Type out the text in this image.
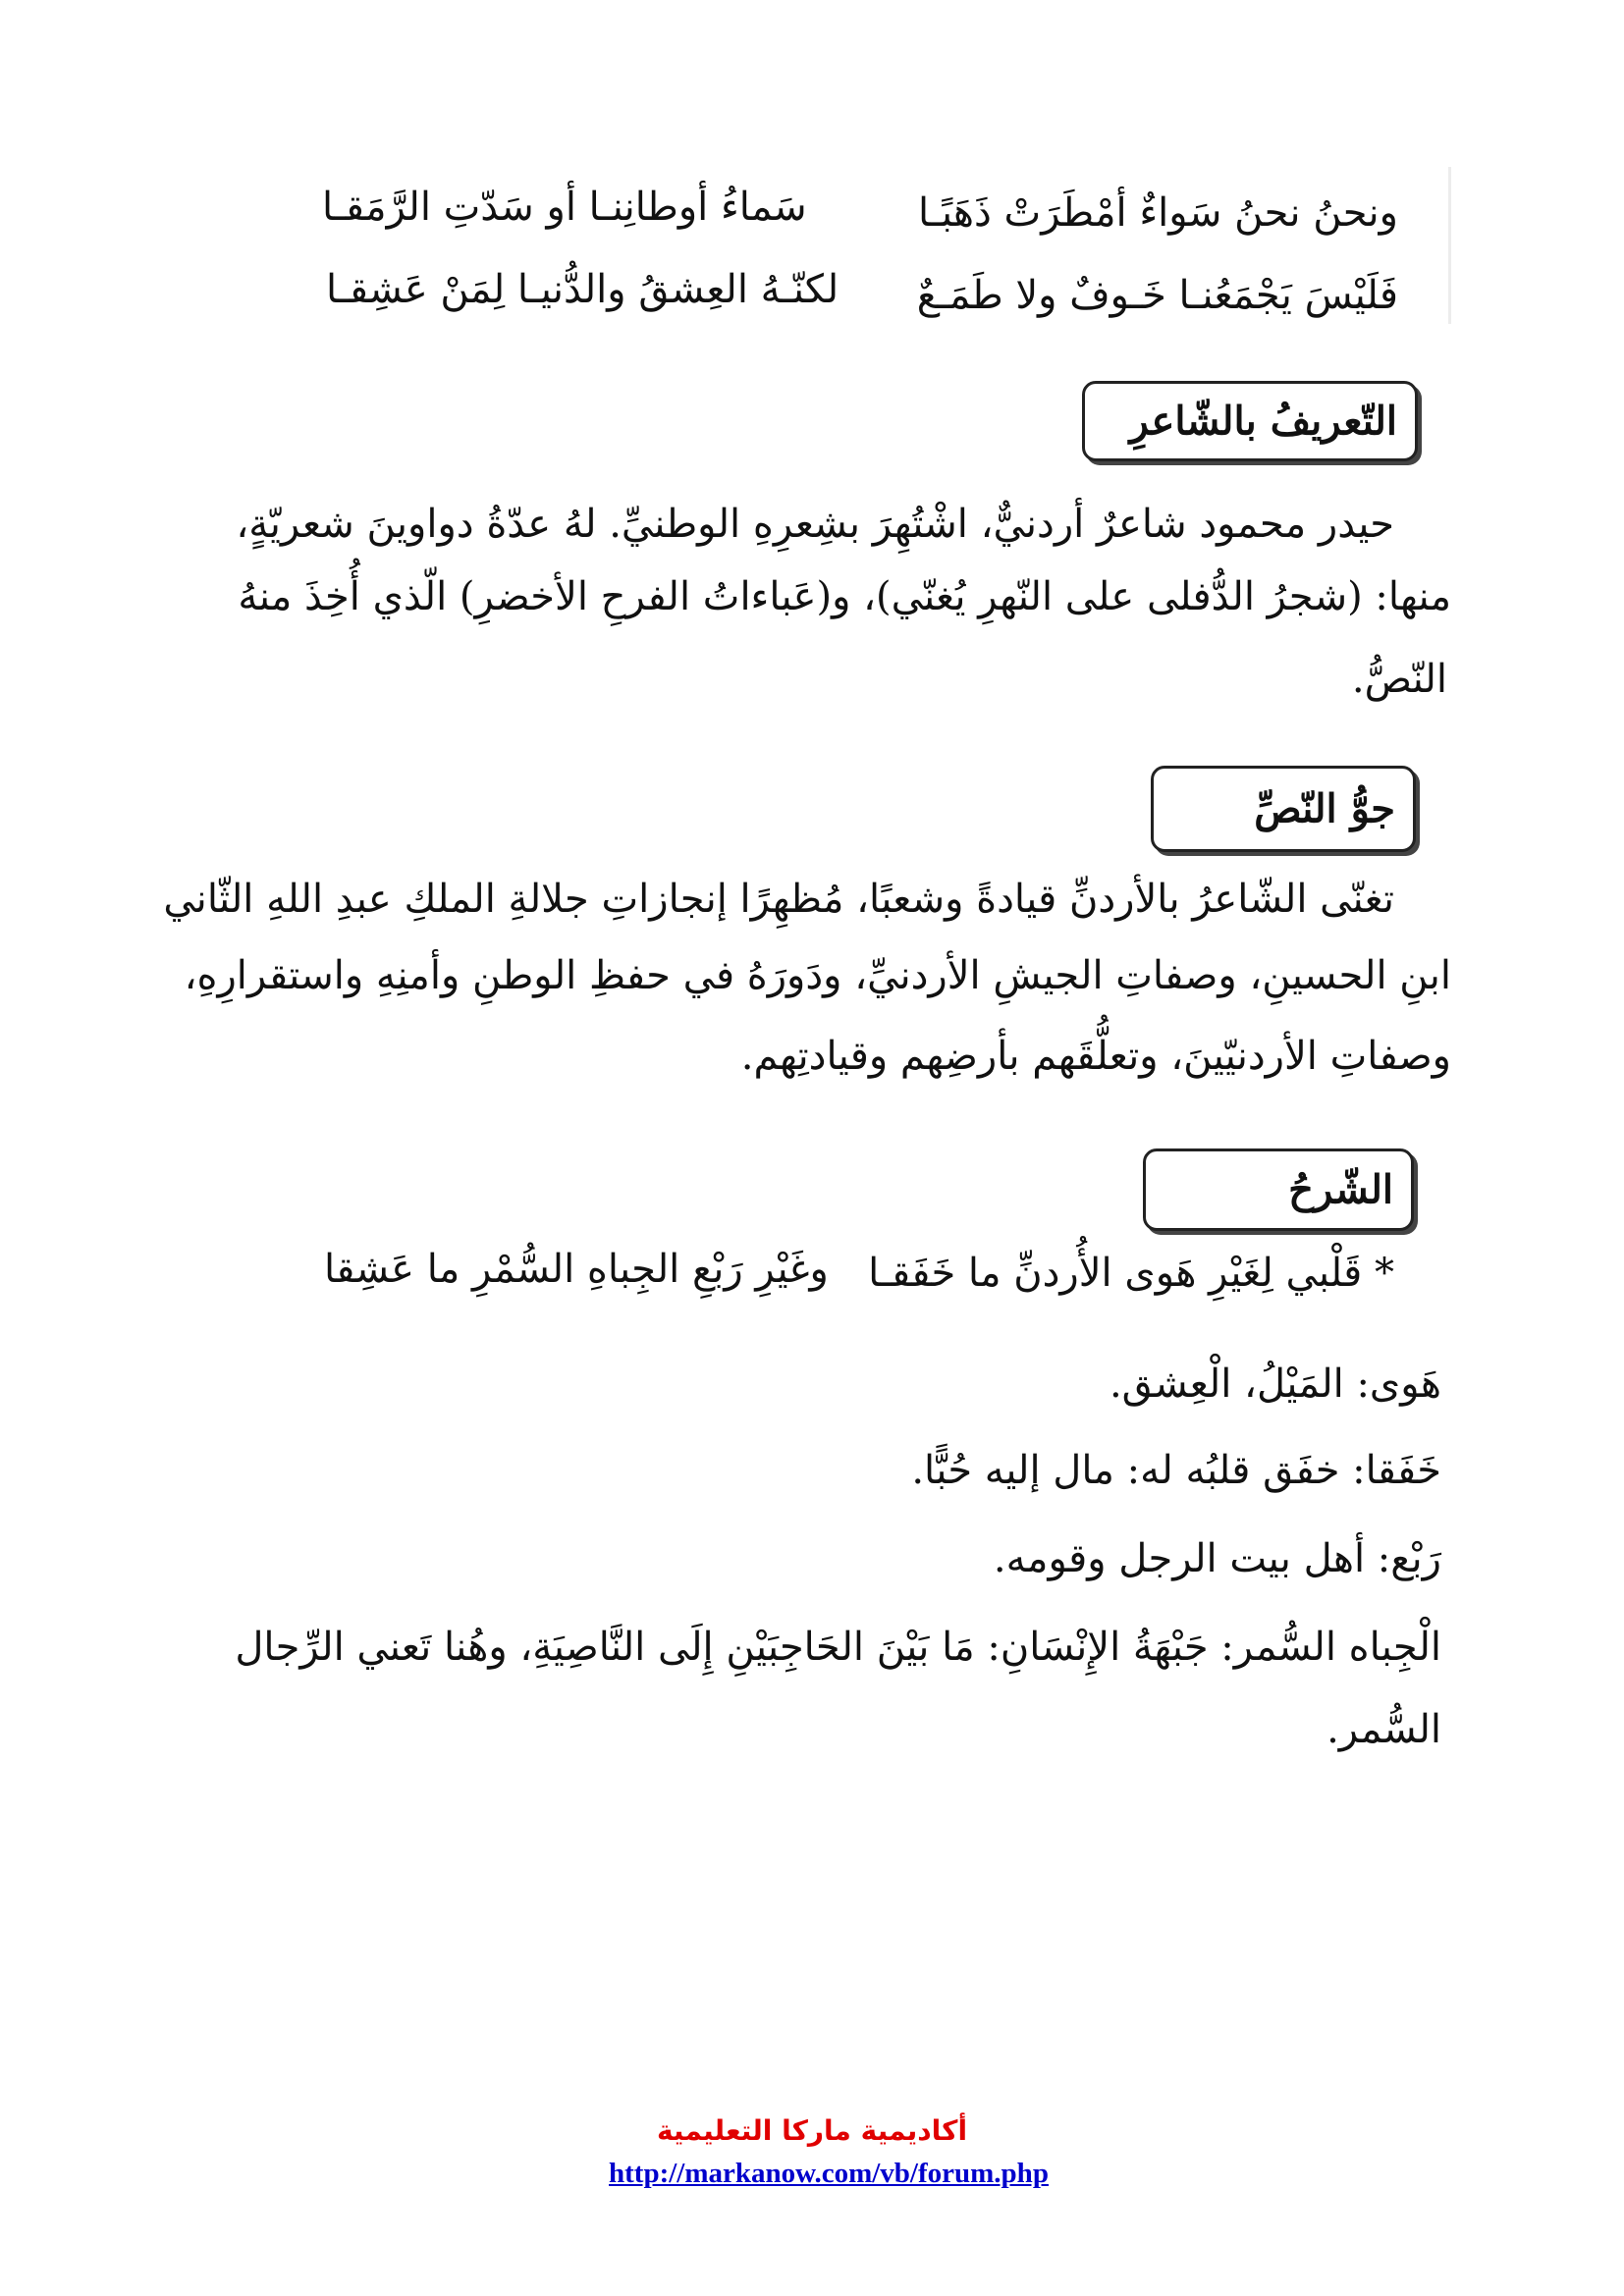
ونحنُ نحنُ سَواءٌ أمْطَرَتْ ذَهَبًـا
سَماءُ أوطانِنـا أو سَدّتِ الرَّمَقـا
فَلَيْسَ يَجْمَعُنـا خَـوفٌ ولا طَمَـعٌ
لكنّـهُ العِشقُ والدُّنيـا لِمَنْ عَشِقـا
التّعريفُ بالشّاعرِ
حيدر محمود شاعرٌ أردنيٌّ، اشْتُهِرَ بشِعرِهِ الوطنيِّ. لهُ عدّةُ دواوينَ شعريّةٍ،
منها: (شجرُ الدُّفلى على النّهرِ يُغنّي)، و(عَباءاتُ الفرحِ الأخضرِ) الّذي أُخِذَ منهُ
النّصُّ.
جوُّ النّصِّ
تغنّى الشّاعرُ بالأردنِّ قيادةً وشعبًا، مُظهِرًا إنجازاتِ جلالةِ الملكِ عبدِ اللهِ الثّاني
ابنِ الحسينِ، وصفاتِ الجيشِ الأردنيِّ، ودَورَهُ في حفظِ الوطنِ وأمنِهِ واستقرارِهِ،
وصفاتِ الأردنيّينَ، وتعلُّقَهم بأرضِهم وقيادتِهم.
الشّرحُ
* قَلْبي لِغَيْرِ هَوى الأُردنِّ ما خَفَقـا
وغَيْرِ رَبْعِ الجِباهِ السُّمْرِ ما عَشِقا
هَوى: المَيْلُ، الْعِشق.
خَفَقا: خفَق قلبُه له: مال إليه حُبًّا.
رَبْع: أهل بيت الرجل وقومه.
الْجِباه السُّمر: جَبْهَةُ الإِنْسَانِ: مَا بَيْنَ الحَاجِبَيْنِ إِلَى النَّاصِيَةِ، وهُنا تَعني الرِّجال
السُّمر.
أكاديمية ماركا التعليمية
http://markanow.com/vb/forum.php
